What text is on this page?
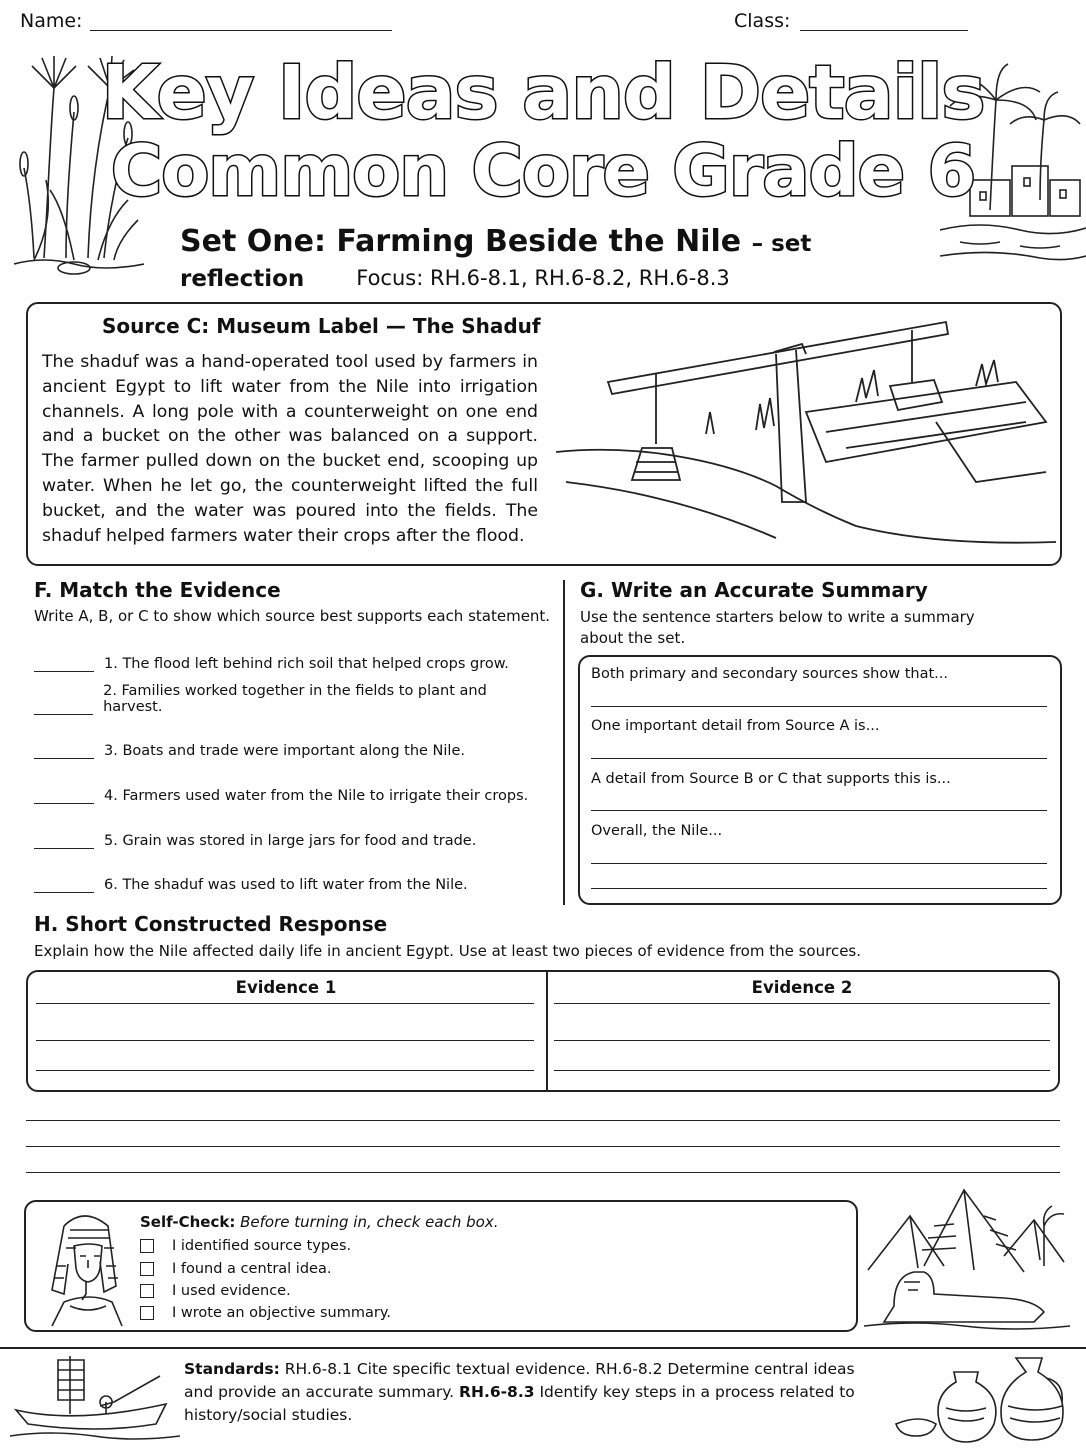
Name:	Class:
Key Ideas and Details
Common Core Grade 6
Set One: Farming Beside the Nile – set reflection	Focus: RH.6-8.1, RH.6-8.2, RH.6-8.3
Source C: Museum Label — The Shaduf
The shaduf was a hand-operated tool used by farmers in ancient Egypt to lift water from the Nile into irrigation channels. A long pole with a counterweight on one end and a bucket on the other was balanced on a support. The farmer pulled down on the bucket end, scooping up water. When he let go, the counterweight lifted the full bucket, and the water was poured into the fields. The shaduf helped farmers water their crops after the flood.
F. Match the Evidence
Write A, B, or C to show which source best supports each statement.
1. The flood left behind rich soil that helped crops grow.
2. Families worked together in the fields to plant and harvest.
3. Boats and trade were important along the Nile.
4. Farmers used water from the Nile to irrigate their crops.
5. Grain was stored in large jars for food and trade.
6. The shaduf was used to lift water from the Nile.
G. Write an Accurate Summary
Use the sentence starters below to write a summary about the set.
Both primary and secondary sources show that...
One important detail from Source A is...
A detail from Source B or C that supports this is...
Overall, the Nile...
H. Short Constructed Response
Explain how the Nile affected daily life in ancient Egypt. Use at least two pieces of evidence from the sources.
Evidence 1	Evidence 2
Self-Check: Before turning in, check each box.
I identified source types.
I found a central idea.
I used evidence.
I wrote an objective summary.
Standards: RH.6-8.1 Cite specific textual evidence. RH.6-8.2 Determine central ideas and provide an accurate summary. RH.6-8.3 Identify key steps in a process related to history/social studies.
